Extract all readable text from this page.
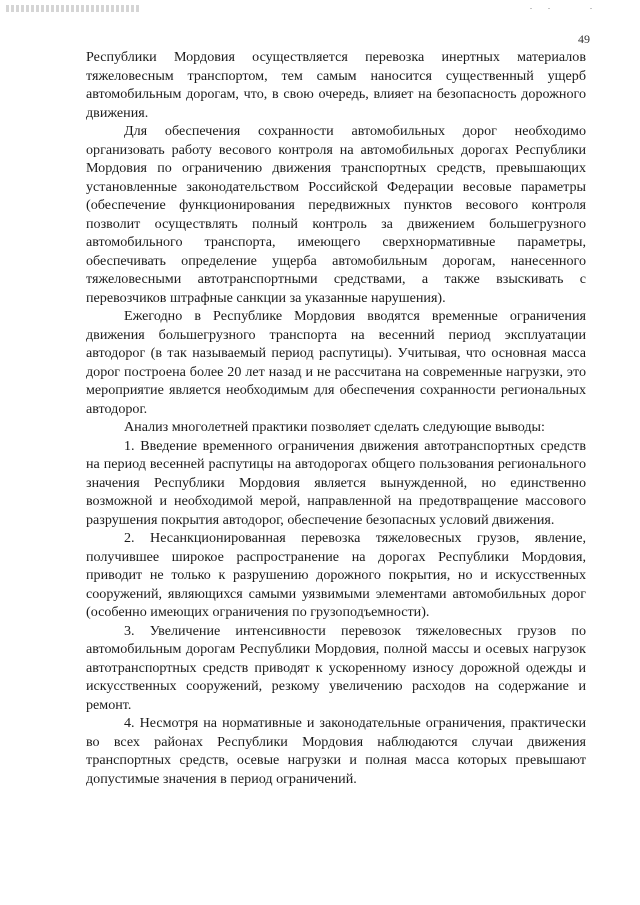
49

Республики Мордовия осуществляется перевозка инертных материалов тяжеловесным транспортом, тем самым наносится существенный ущерб автомобильным дорогам, что, в свою очередь, влияет на безопасность дорожного движения.

Для обеспечения сохранности автомобильных дорог необходимо организовать работу весового контроля на автомобильных дорогах Республики Мордовия по ограничению движения транспортных средств, превышающих установленные законодательством Российской Федерации весовые параметры (обеспечение функционирования передвижных пунктов весового контроля позволит осуществлять полный контроль за движением большегрузного автомобильного транспорта, имеющего сверхнормативные параметры, обеспечивать определение ущерба автомобильным дорогам, нанесенного тяжеловесными автотранспортными средствами, а также взыскивать с перевозчиков штрафные санкции за указанные нарушения).

Ежегодно в Республике Мордовия вводятся временные ограничения движения большегрузного транспорта на весенний период эксплуатации автодорог (в так называемый период распутицы). Учитывая, что основная масса дорог построена более 20 лет назад и не рассчитана на современные нагрузки, это мероприятие является необходимым для обеспечения сохранности региональных автодорог.

Анализ многолетней практики позволяет сделать следующие выводы:

1. Введение временного ограничения движения автотранспортных средств на период весенней распутицы на автодорогах общего пользования регионального значения Республики Мордовия является вынужденной, но единственно возможной и необходимой мерой, направленной на предотвращение массового разрушения покрытия автодорог, обеспечение безопасных условий движения.

2. Несанкционированная перевозка тяжеловесных грузов, явление, получившее широкое распространение на дорогах Республики Мордовия, приводит не только к разрушению дорожного покрытия, но и искусственных сооружений, являющихся самыми уязвимыми элементами автомобильных дорог (особенно имеющих ограничения по грузоподъемности).

3. Увеличение интенсивности перевозок тяжеловесных грузов по автомобильным дорогам Республики Мордовия, полной массы и осевых нагрузок автотранспортных средств приводят к ускоренному износу дорожной одежды и искусственных сооружений, резкому увеличению расходов на содержание и ремонт.

4. Несмотря на нормативные и законодательные ограничения, практически во всех районах Республики Мордовия наблюдаются случаи движения транспортных средств, осевые нагрузки и полная масса которых превышают допустимые значения в период ограничений.
